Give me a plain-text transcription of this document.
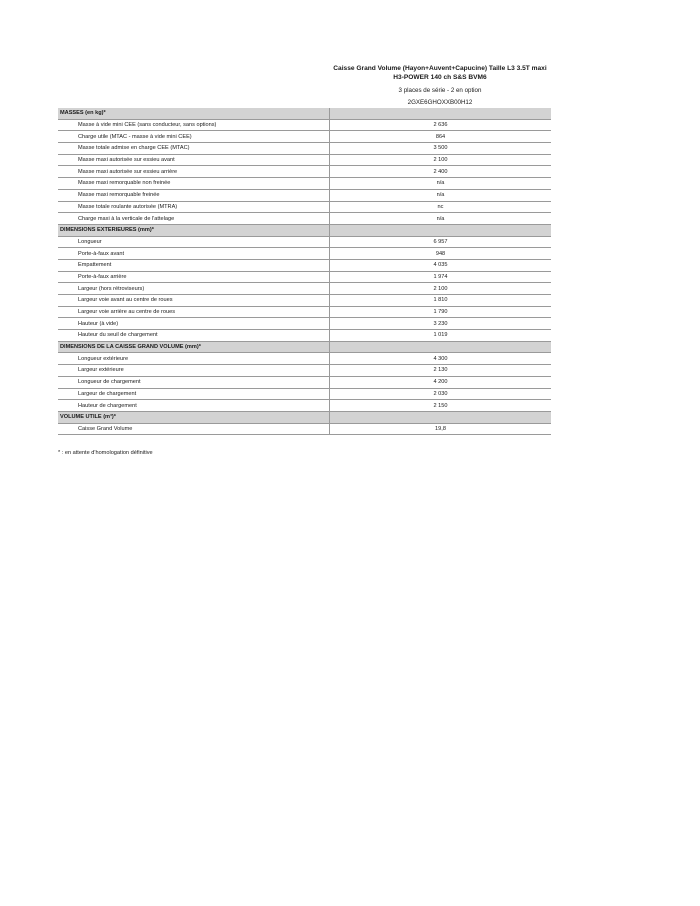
Caisse Grand Volume (Hayon+Auvent+Capucine) Taille L3 3.5T maxi
H3-POWER 140 ch S&S BVM6
3 places de série - 2 en option
2GXE6GHOXXB00H12
MASSES (en kg)*
Masse à vide mini CEE (sans conducteur, sans options)	2 636
Charge utile (MTAC - masse à vide mini CEE)	864
Masse totale admise en charge CEE (MTAC)	3 500
Masse maxi autorisée sur essieu avant	2 100
Masse maxi autorisée sur essieu arrière	2 400
Masse maxi remorquable non freinée	n/a
Masse maxi remorquable freinée	n/a
Masse totale roulante autorisée (MTRA)	nc
Charge maxi à la verticale de l'attelage	n/a
DIMENSIONS EXTERIEURES (mm)*
Longueur	6 957
Porte-à-faux avant	948
Empattement	4 035
Porte-à-faux arrière	1 974
Largeur (hors rétroviseurs)	2 100
Largeur voie avant au centre de roues	1 810
Largeur voie arrière au centre de roues	1 790
Hauteur (à vide)	3 230
Hauteur du seuil de chargement	1 019
DIMENSIONS DE LA CAISSE GRAND VOLUME (mm)*
Longueur extérieure	4 300
Largeur extérieure	2 130
Longueur de chargement	4 200
Largeur de chargement	2 030
Hauteur de chargement	2 150
VOLUME UTILE (m³)*
Caisse Grand Volume	19,8
* : en attente d'homologation définitive
